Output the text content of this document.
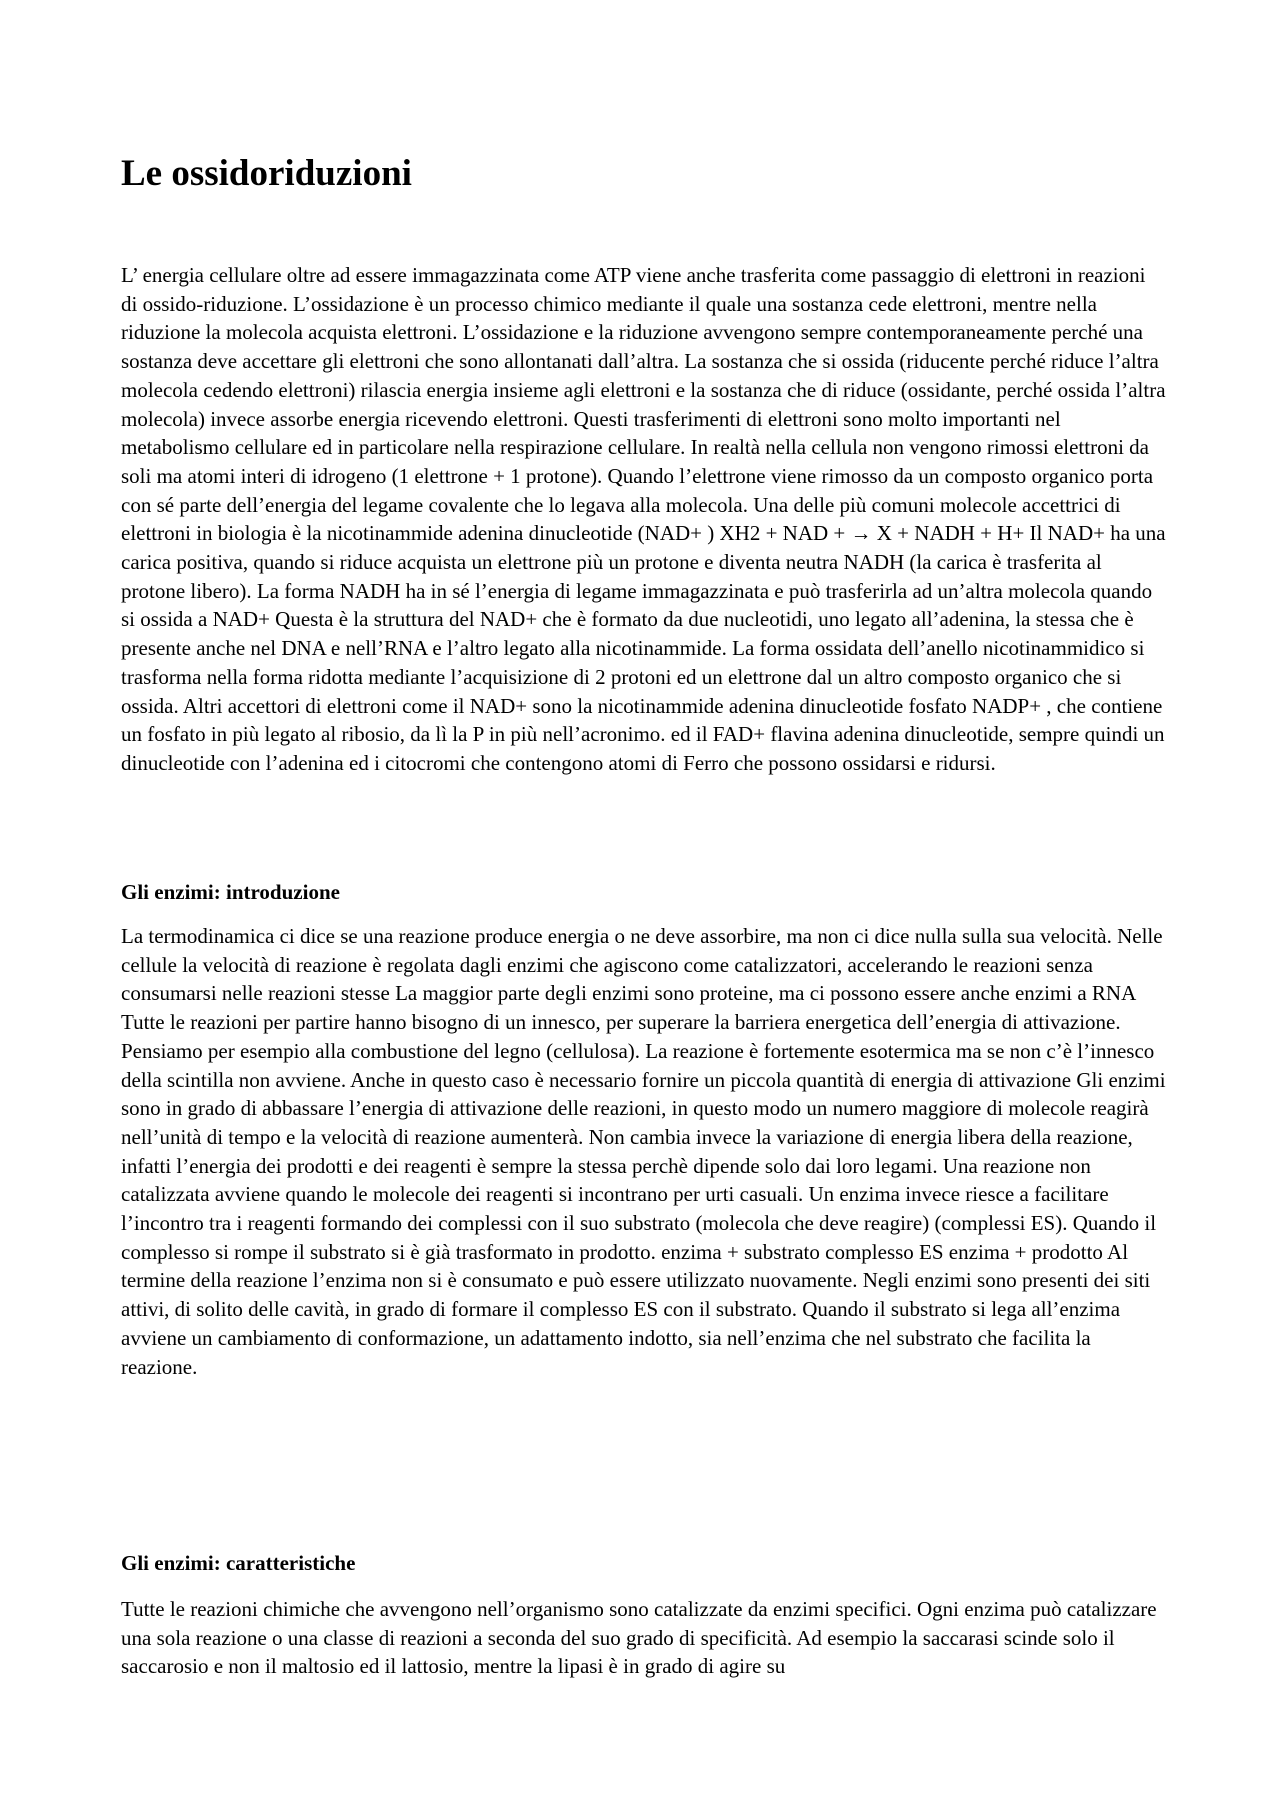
Le ossidoriduzioni

L’ energia cellulare oltre ad essere immagazzinata come ATP viene anche trasferita come passaggio di elettroni in reazioni di ossido-riduzione. L’ossidazione è un processo chimico mediante il quale una sostanza cede elettroni, mentre nella riduzione la molecola acquista elettroni. L’ossidazione e la riduzione avvengono sempre contemporaneamente perché una sostanza deve accettare gli elettroni che sono allontanati dall’altra. La sostanza che si ossida (riducente perché riduce l’altra molecola cedendo elettroni) rilascia energia insieme agli elettroni e la sostanza che di riduce (ossidante, perché ossida l’altra molecola) invece assorbe energia ricevendo elettroni. Questi trasferimenti di elettroni sono molto importanti nel metabolismo cellulare ed in particolare nella respirazione cellulare. In realtà nella cellula non vengono rimossi elettroni da soli ma atomi interi di idrogeno (1 elettrone + 1 protone). Quando l’elettrone viene rimosso da un composto organico porta con sé parte dell’energia del legame covalente che lo legava alla molecola. Una delle più comuni molecole accettrici di elettroni in biologia è la nicotinammide adenina dinucleotide (NAD+ ) XH2 + NAD + → X + NADH + H+ Il NAD+ ha una carica positiva, quando si riduce acquista un elettrone più un protone e diventa neutra NADH (la carica è trasferita al protone libero). La forma NADH ha in sé l’energia di legame immagazzinata e può trasferirla ad un’altra molecola quando si ossida a NAD+ Questa è la struttura del NAD+ che è formato da due nucleotidi, uno legato all’adenina, la stessa che è presente anche nel DNA e nell’RNA e l’altro legato alla nicotinammide. La forma ossidata dell’anello nicotinammidico si trasforma nella forma ridotta mediante l’acquisizione di 2 protoni ed un elettrone dal un altro composto organico che si ossida. Altri accettori di elettroni come il NAD+ sono la nicotinammide adenina dinucleotide fosfato NADP+ , che contiene un fosfato in più legato al ribosio, da lì la P in più nell’acronimo. ed il FAD+ flavina adenina dinucleotide, sempre quindi un dinucleotide con l’adenina ed i citocromi che contengono atomi di Ferro che possono ossidarsi e ridursi.

Gli enzimi: introduzione

La termodinamica ci dice se una reazione produce energia o ne deve assorbire, ma non ci dice nulla sulla sua velocità. Nelle cellule la velocità di reazione è regolata dagli enzimi che agiscono come catalizzatori, accelerando le reazioni senza consumarsi nelle reazioni stesse La maggior parte degli enzimi sono proteine, ma ci possono essere anche enzimi a RNA Tutte le reazioni per partire hanno bisogno di un innesco, per superare la barriera energetica dell’energia di attivazione. Pensiamo per esempio alla combustione del legno (cellulosa). La reazione è fortemente esotermica ma se non c’è l’innesco della scintilla non avviene. Anche in questo caso è necessario fornire un piccola quantità di energia di attivazione Gli enzimi sono in grado di abbassare l’energia di attivazione delle reazioni, in questo modo un numero maggiore di molecole reagirà nell’unità di tempo e la velocità di reazione aumenterà. Non cambia invece la variazione di energia libera della reazione, infatti l’energia dei prodotti e dei reagenti è sempre la stessa perchè dipende solo dai loro legami. Una reazione non catalizzata avviene quando le molecole dei reagenti si incontrano per urti casuali. Un enzima invece riesce a facilitare l’incontro tra i reagenti formando dei complessi con il suo substrato (molecola che deve reagire) (complessi ES). Quando il complesso si rompe il substrato si è già trasformato in prodotto. enzima + substrato complesso ES enzima + prodotto Al termine della reazione l’enzima non si è consumato e può essere utilizzato nuovamente. Negli enzimi sono presenti dei siti attivi, di solito delle cavità, in grado di formare il complesso ES con il substrato. Quando il substrato si lega all’enzima avviene un cambiamento di conformazione, un adattamento indotto, sia nell’enzima che nel substrato che facilita la reazione.

Gli enzimi: caratteristiche

Tutte le reazioni chimiche che avvengono nell’organismo sono catalizzate da enzimi specifici. Ogni enzima può catalizzare una sola reazione o una classe di reazioni a seconda del suo grado di specificità. Ad esempio la saccarasi scinde solo il saccarosio e non il maltosio ed il lattosio, mentre la lipasi è in grado di agire su
